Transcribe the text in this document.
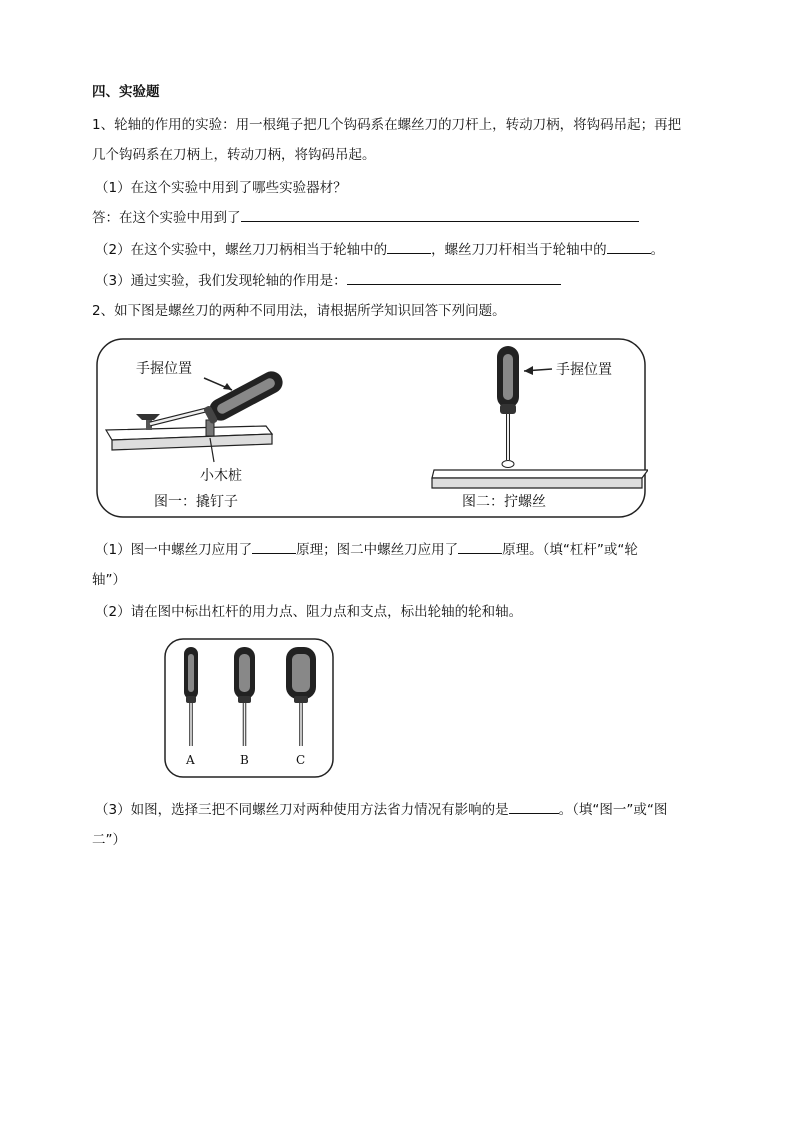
四、实验题
1、轮轴的作用的实验：用一根绳子把几个钩码系在螺丝刀的刀杆上，转动刀柄，将钩码吊起；再把
几个钩码系在刀柄上，转动刀柄，将钩码吊起。
（1）在这个实验中用到了哪些实验器材？
答：在这个实验中用到了
（2）在这个实验中，螺丝刀刀柄相当于轮轴中的	，螺丝刀刀杆相当于轮轴中的	。
（3）通过实验，我们发现轮轴的作用是：
2、如下图是螺丝刀的两种不同用法，请根据所学知识回答下列问题。
手握位置
小木桩
图一：撬钉子
手握位置
图二：拧螺丝
（1）图一中螺丝刀应用了	原理；图二中螺丝刀应用了	原理。（填“杠杆”或“轮
轴”）
（2）请在图中标出杠杆的用力点、阻力点和支点，标出轮轴的轮和轴。
A	B	C
（3）如图，选择三把不同螺丝刀对两种使用方法省力情况有影响的是	。（填“图一”或“图
二”）
